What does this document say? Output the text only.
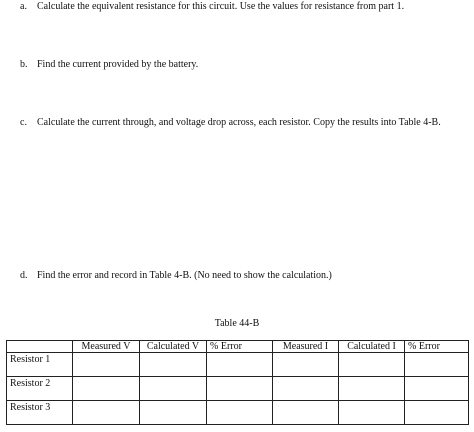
a. Calculate the equivalent resistance for this circuit. Use the values for resistance from part 1.
b. Find the current provided by the battery.
c. Calculate the current through, and voltage drop across, each resistor. Copy the results into Table 4-B.
d. Find the error and record in Table 4-B. (No need to show the calculation.)
Table 44-B
	Measured V	Calculated V	% Error	Measured I	Calculated I	% Error
Resistor 1						
Resistor 2						
Resistor 3						
